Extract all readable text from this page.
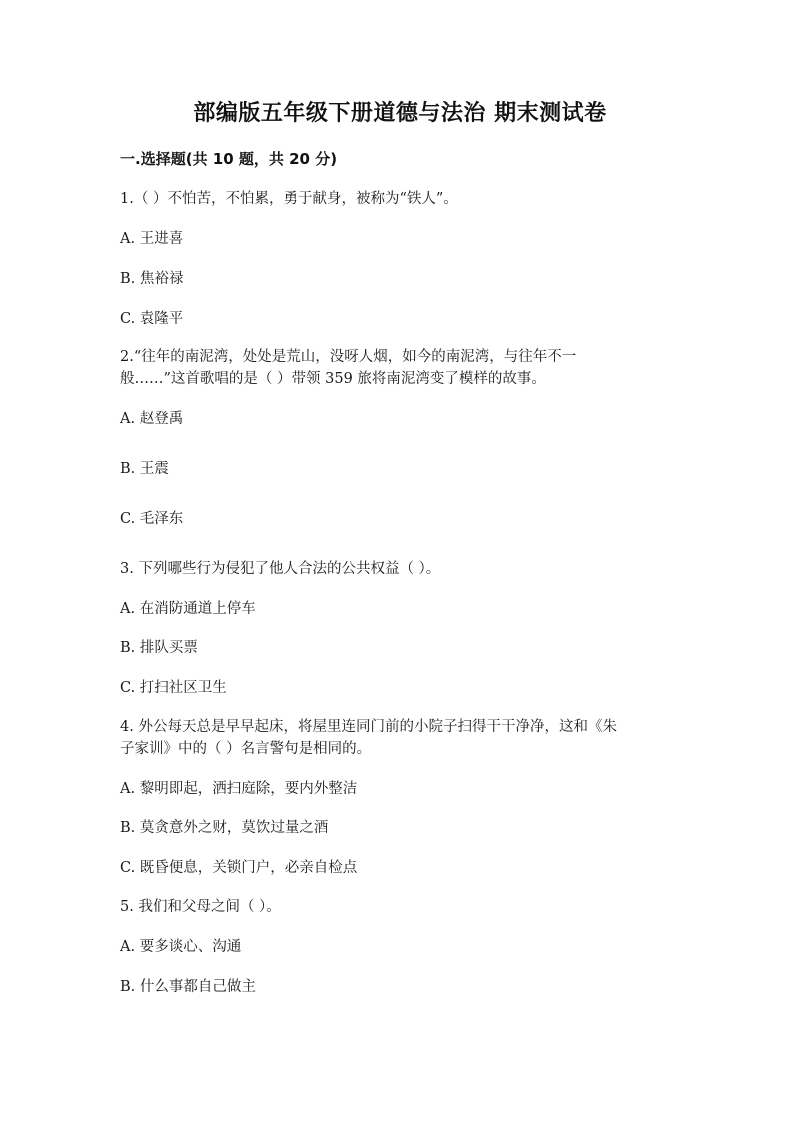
部编版五年级下册道德与法治 期末测试卷
一.选择题(共 10 题，共 20 分)
1.（ ）不怕苦，不怕累，勇于献身，被称为“铁人”。
A. 王进喜
B. 焦裕禄
C. 袁隆平
2.“往年的南泥湾，处处是荒山，没呀人烟，如今的南泥湾，与往年不一
般……”这首歌唱的是（ ）带领 359 旅将南泥湾变了模样的故事。
A. 赵登禹
B. 王震
C. 毛泽东
3. 下列哪些行为侵犯了他人合法的公共权益（ ）。
A. 在消防通道上停车
B. 排队买票
C. 打扫社区卫生
4. 外公每天总是早早起床，将屋里连同门前的小院子扫得干干净净，这和《朱
子家训》中的（ ）名言警句是相同的。
A. 黎明即起，洒扫庭除，要内外整洁
B. 莫贪意外之财，莫饮过量之酒
C. 既昏便息，关锁门户，必亲自检点
5. 我们和父母之间（ ）。
A. 要多谈心、沟通
B. 什么事都自己做主
